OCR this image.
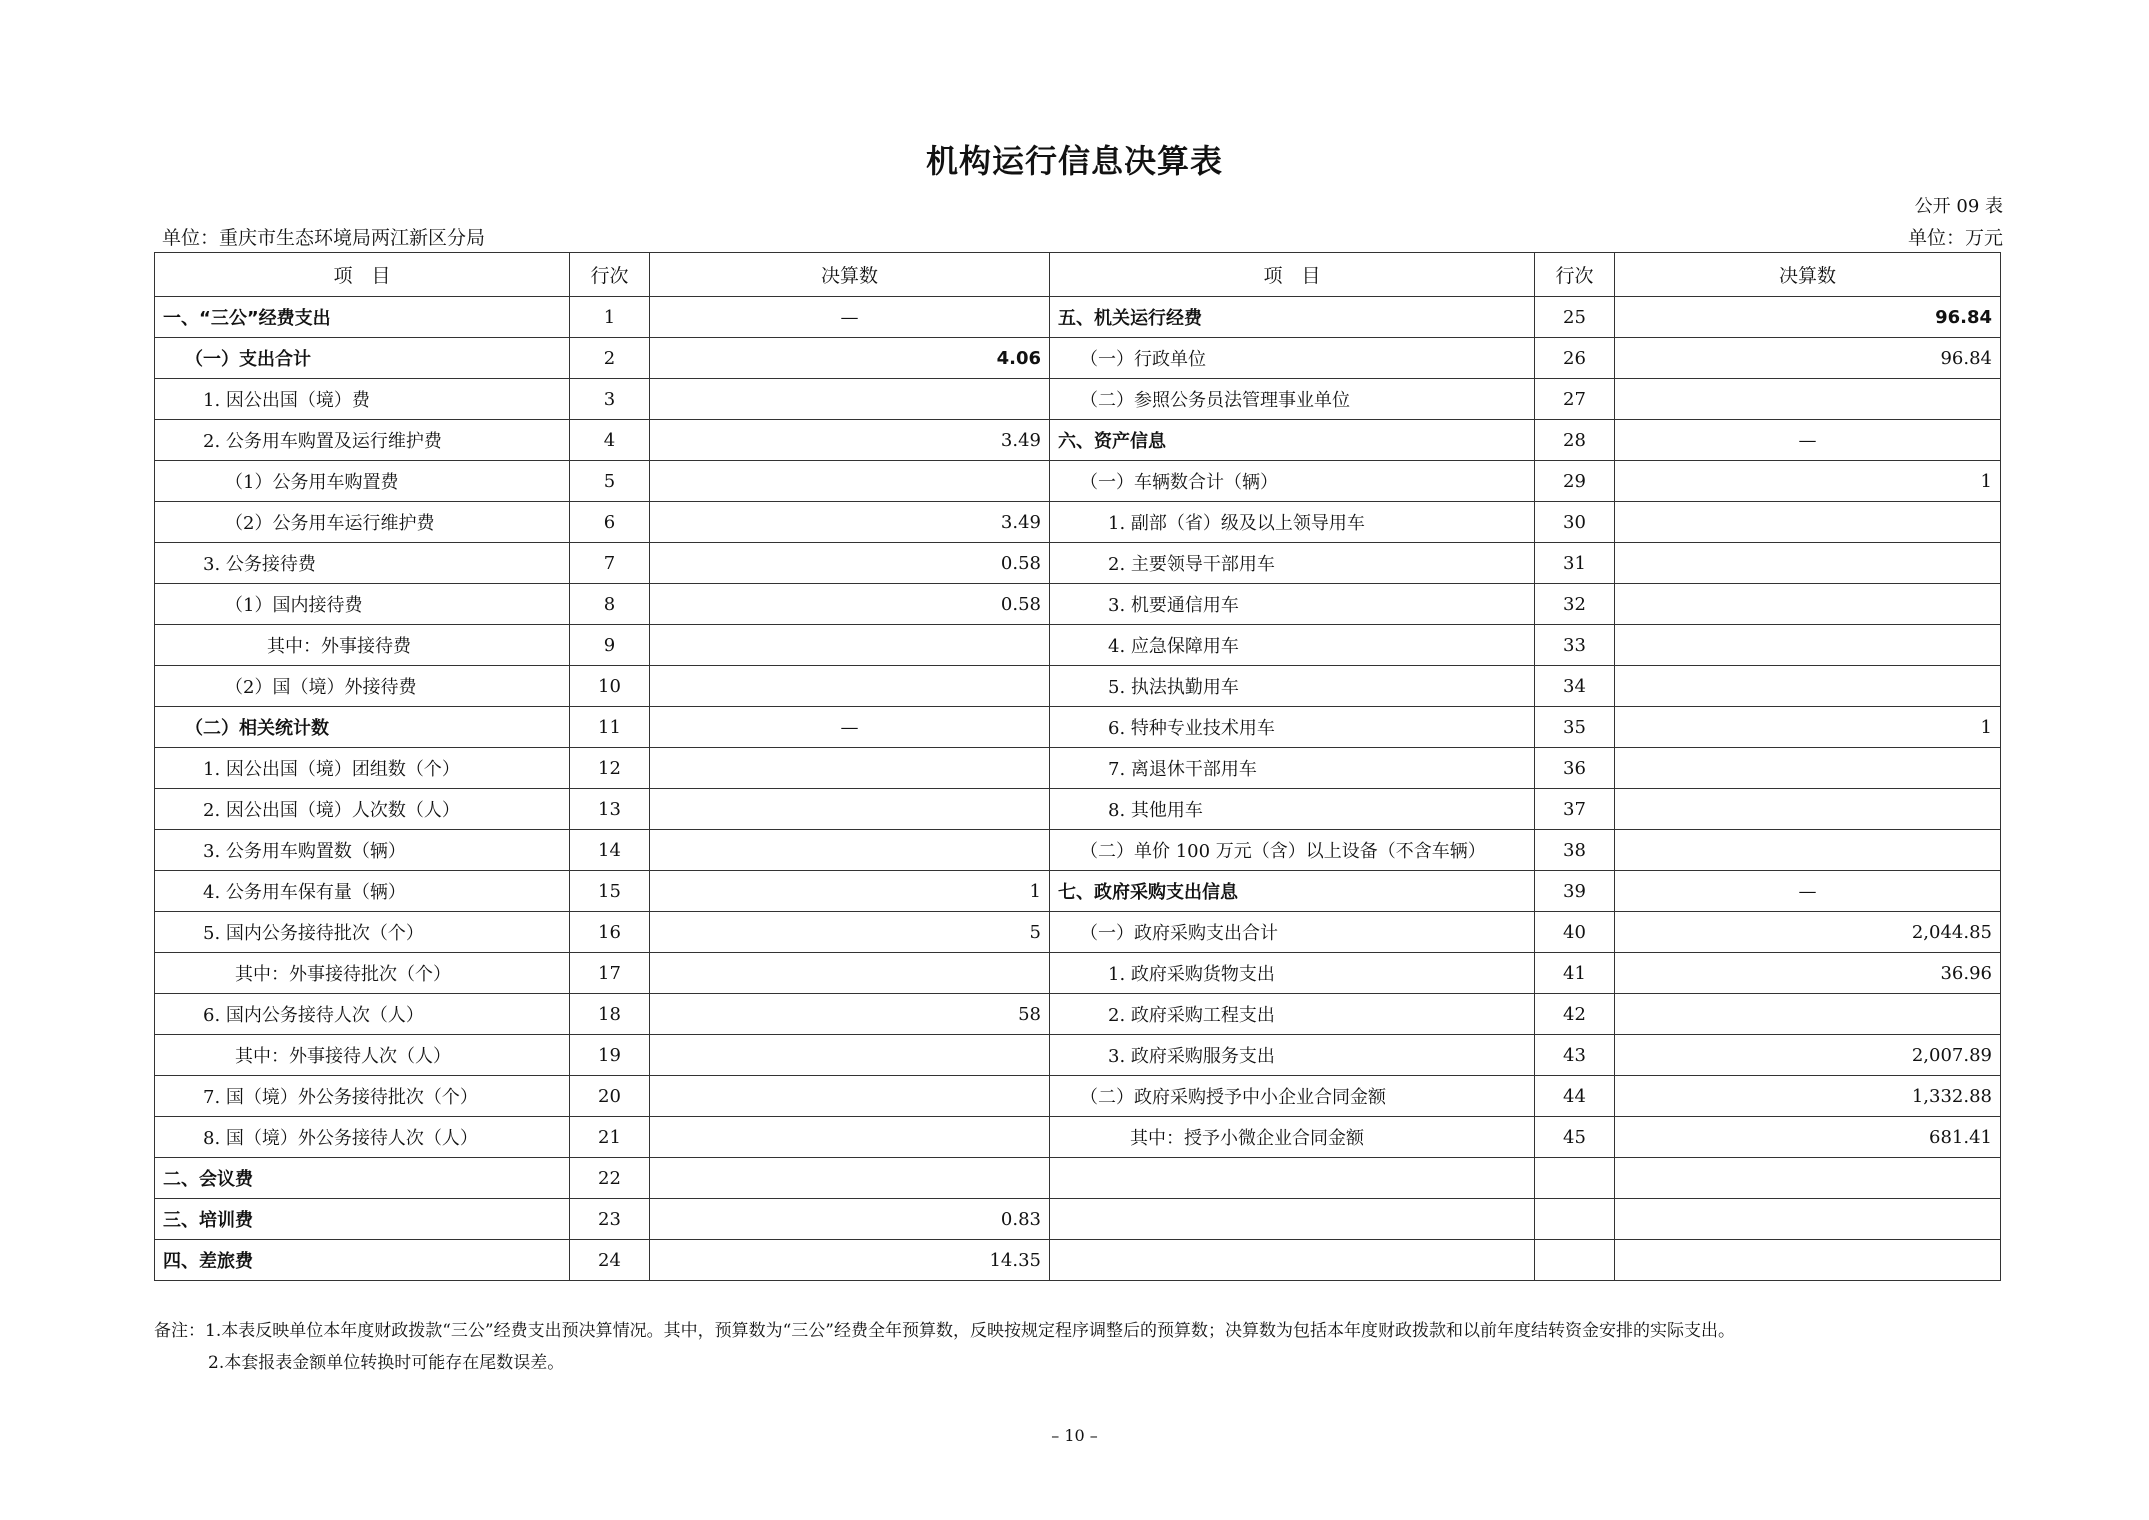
机构运行信息决算表
公开 09 表
单位：重庆市生态环境局两江新区分局	单位：万元
项　目	行次	决算数	项　目	行次	决算数
一、“三公”经费支出	1	—	五、机关运行经费	25	96.84
（一）支出合计	2	4.06	（一）行政单位	26	96.84
1. 因公出国（境）费	3		（二）参照公务员法管理事业单位	27	
2. 公务用车购置及运行维护费	4	3.49	六、资产信息	28	—
（1）公务用车购置费	5		（一）车辆数合计（辆）	29	1
（2）公务用车运行维护费	6	3.49	1. 副部（省）级及以上领导用车	30	
3. 公务接待费	7	0.58	2. 主要领导干部用车	31	
（1）国内接待费	8	0.58	3. 机要通信用车	32	
其中：外事接待费	9		4. 应急保障用车	33	
（2）国（境）外接待费	10		5. 执法执勤用车	34	
（二）相关统计数	11	—	6. 特种专业技术用车	35	1
1. 因公出国（境）团组数（个）	12		7. 离退休干部用车	36	
2. 因公出国（境）人次数（人）	13		8. 其他用车	37	
3. 公务用车购置数（辆）	14		（二）单价 100 万元（含）以上设备（不含车辆）	38	
4. 公务用车保有量（辆）	15	1	七、政府采购支出信息	39	—
5. 国内公务接待批次（个）	16	5	（一）政府采购支出合计	40	2,044.85
其中：外事接待批次（个）	17		1. 政府采购货物支出	41	36.96
6. 国内公务接待人次（人）	18	58	2. 政府采购工程支出	42	
其中：外事接待人次（人）	19		3. 政府采购服务支出	43	2,007.89
7. 国（境）外公务接待批次（个）	20		（二）政府采购授予中小企业合同金额	44	1,332.88
8. 国（境）外公务接待人次（人）	21		其中：授予小微企业合同金额	45	681.41
二、会议费	22				
三、培训费	23	0.83			
四、差旅费	24	14.35			
备注：1.本表反映单位本年度财政拨款“三公”经费支出预决算情况。其中，预算数为“三公”经费全年预算数，反映按规定程序调整后的预算数；决算数为包括本年度财政拨款和以前年度结转资金安排的实际支出。
2.本套报表金额单位转换时可能存在尾数误差。
– 10 –
